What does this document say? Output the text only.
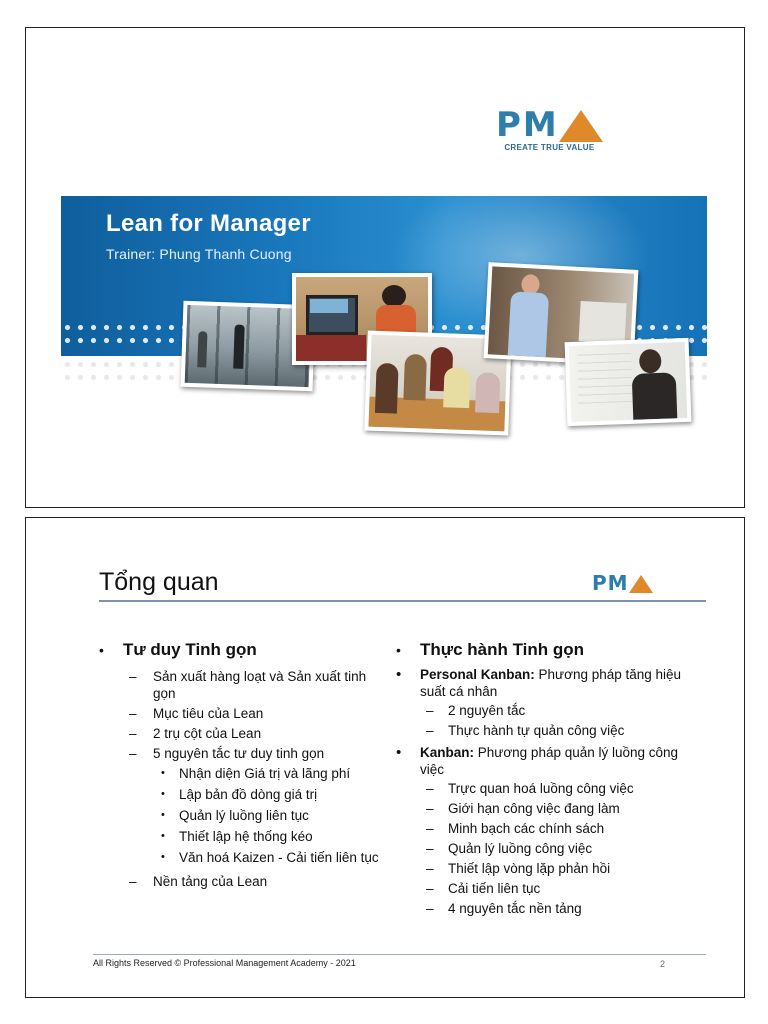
P M
CREATE TRUE VALUE
Lean for Manager
Trainer: Phung Thanh Cuong
Tổng quan	P M
• Tư duy Tinh gọn
– Sản xuất hàng loạt và Sản xuất tinh gọn
– Mục tiêu của Lean
– 2 trụ cột của Lean
– 5 nguyên tắc tư duy tinh gọn
• Nhận diện Giá trị và lãng phí
• Lập bản đồ dòng giá trị
• Quản lý luồng liên tục
• Thiết lập hệ thống kéo
• Văn hoá Kaizen - Cải tiến liên tục
– Nền tảng của Lean
• Thực hành Tinh gọn
• Personal Kanban: Phương pháp tăng hiệu suất cá nhân
– 2 nguyên tắc
– Thực hành tự quản công việc
• Kanban: Phương pháp quản lý luồng công việc
– Trực quan hoá luồng công việc
– Giới hạn công việc đang làm
– Minh bạch các chính sách
– Quản lý luồng công việc
– Thiết lập vòng lặp phản hồi
– Cải tiến liên tục
– 4 nguyên tắc nền tảng
All Rights Reserved © Professional Management Academy - 2021	2
